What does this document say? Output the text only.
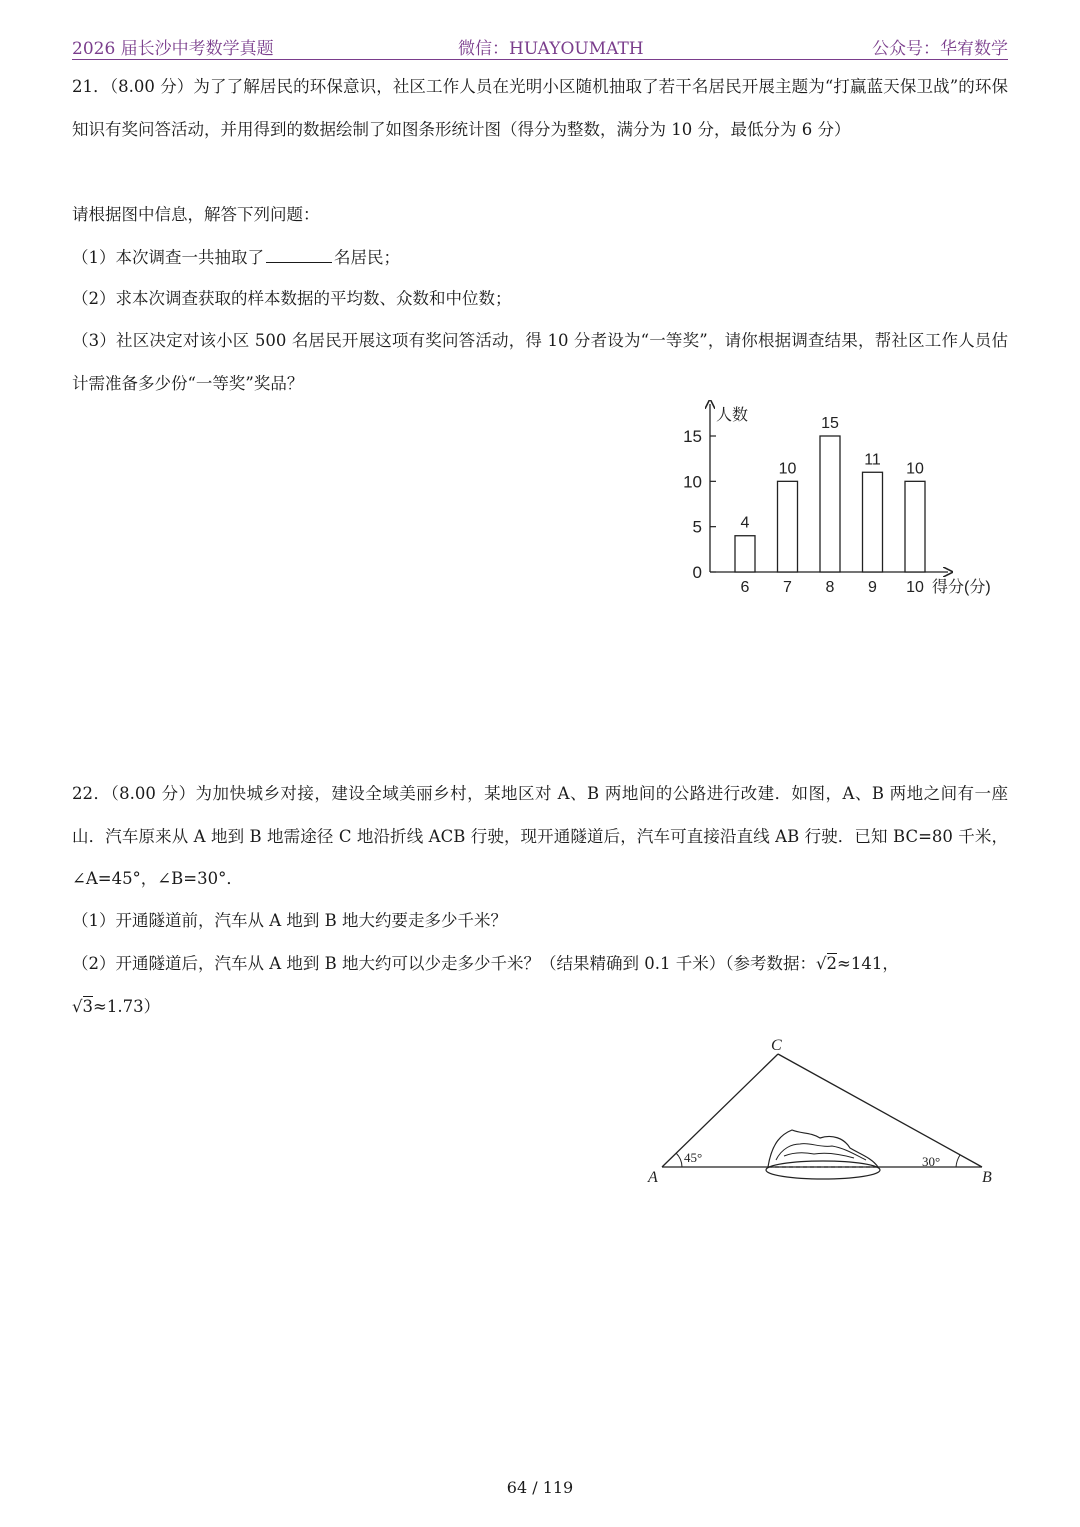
2026 届长沙中考数学真题	微信：HUAYOUMATH	公众号：华宥数学
21．（8.00 分）为了了解居民的环保意识，社区工作人员在光明小区随机抽取了若干名居民开展主题为“打赢蓝天保卫战”的环保知识有奖问答活动，并用得到的数据绘制了如图条形统计图（得分为整数，满分为 10 分，最低分为 6 分）
请根据图中信息，解答下列问题：
（1）本次调查一共抽取了	名居民；
（2）求本次调查获取的样本数据的平均数、众数和中位数；
（3）社区决定对该小区 500 名居民开展这项有奖问答活动，得 10 分者设为“一等奖”，请你根据调查结果，帮社区工作人员估计需准备多少份“一等奖”奖品？
人数
得分(分)
0
5
10
15
4
6
10
7
15
8
11
9
10
10
22．（8.00 分）为加快城乡对接，建设全域美丽乡村，某地区对 A、B 两地间的公路进行改建．如图，A、B 两地之间有一座山．汽车原来从 A 地到 B 地需途径 C 地沿折线 ACB 行驶，现开通隧道后，汽车可直接沿直线 AB 行驶．已知 BC=80 千米，∠A=45°，∠B=30°．
（1）开通隧道前，汽车从 A 地到 B 地大约要走多少千米？
（2）开通隧道后，汽车从 A 地到 B 地大约可以少走多少千米？（结果精确到 0.1 千米）（参考数据：√2≈141，
√3≈1.73）
A	B
C
45°	30°
64 / 119
